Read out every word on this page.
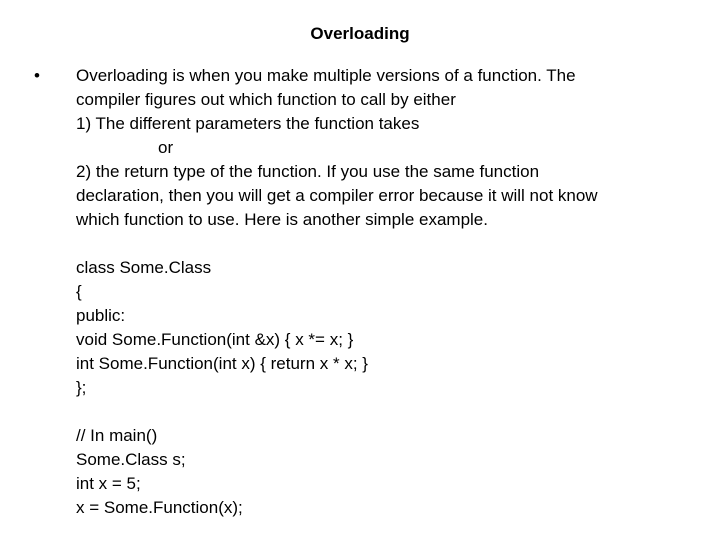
Overloading
• Overloading is when you make multiple versions of a function. The
compiler figures out which function to call by either
1) The different parameters the function takes
or
2) the return type of the function. If you use the same function
declaration, then you will get a compiler error because it will not know
which function to use. Here is another simple example.
class Some.Class
{
public:
void Some.Function(int &x) { x *= x; }
int Some.Function(int x) { return x * x; }
};
// In main()
Some.Class s;
int x = 5;
x = Some.Function(x);
